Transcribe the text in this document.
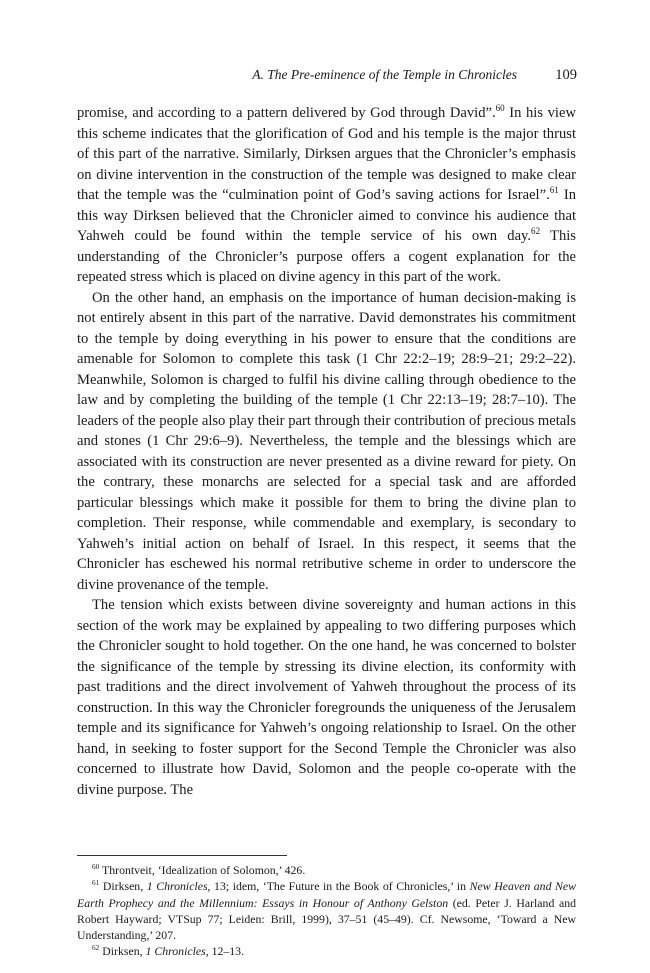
A. The Pre-eminence of the Temple in Chronicles	109

promise, and according to a pattern delivered by God through David”.$^{60}$ In his view this scheme indicates that the glorification of God and his temple is the major thrust of this part of the narrative. Similarly, Dirksen argues that the Chronicler’s emphasis on divine intervention in the construction of the temple was designed to make clear that the temple was the “culmination point of God’s saving actions for Israel”.$^{61}$ In this way Dirksen believed that the Chronicler aimed to convince his audience that Yahweh could be found within the temple service of his own day.$^{62}$ This understanding of the Chronicler’s purpose offers a cogent explanation for the repeated stress which is placed on divine agency in this part of the work.

On the other hand, an emphasis on the importance of human decision-making is not entirely absent in this part of the narrative. David demonstrates his commitment to the temple by doing everything in his power to ensure that the conditions are amenable for Solomon to complete this task (1 Chr 22:2–19; 28:9–21; 29:2–22). Meanwhile, Solomon is charged to fulfil his divine calling through obedience to the law and by completing the building of the temple (1 Chr 22:13–19; 28:7–10). The leaders of the people also play their part through their contribution of precious metals and stones (1 Chr 29:6–9). Nevertheless, the temple and the blessings which are associated with its construction are never presented as a divine reward for piety. On the contrary, these monarchs are selected for a special task and are afforded particular blessings which make it possible for them to bring the divine plan to completion. Their response, while commendable and exemplary, is secondary to Yahweh’s initial action on behalf of Israel. In this respect, it seems that the Chronicler has eschewed his normal retributive scheme in order to underscore the divine provenance of the temple.

The tension which exists between divine sovereignty and human actions in this section of the work may be explained by appealing to two differing purposes which the Chronicler sought to hold together. On the one hand, he was concerned to bolster the significance of the temple by stressing its divine election, its conformity with past traditions and the direct involvement of Yahweh throughout the process of its construction. In this way the Chronicler foregrounds the uniqueness of the Jerusalem temple and its significance for Yahweh’s ongoing relationship to Israel. On the other hand, in seeking to foster support for the Second Temple the Chronicler was also concerned to illustrate how David, Solomon and the people co-operate with the divine purpose. The

$^{60}$ Throntveit, ‘Idealization of Solomon,’ 426.

$^{61}$ Dirksen, 1 Chronicles, 13; idem, ‘The Future in the Book of Chronicles,’ in New Heaven and New Earth Prophecy and the Millennium: Essays in Honour of Anthony Gelston (ed. Peter J. Harland and Robert Hayward; VTSup 77; Leiden: Brill, 1999), 37–51 (45–49). Cf. Newsome, ‘Toward a New Understanding,’ 207.

$^{62}$ Dirksen, 1 Chronicles, 12–13.
